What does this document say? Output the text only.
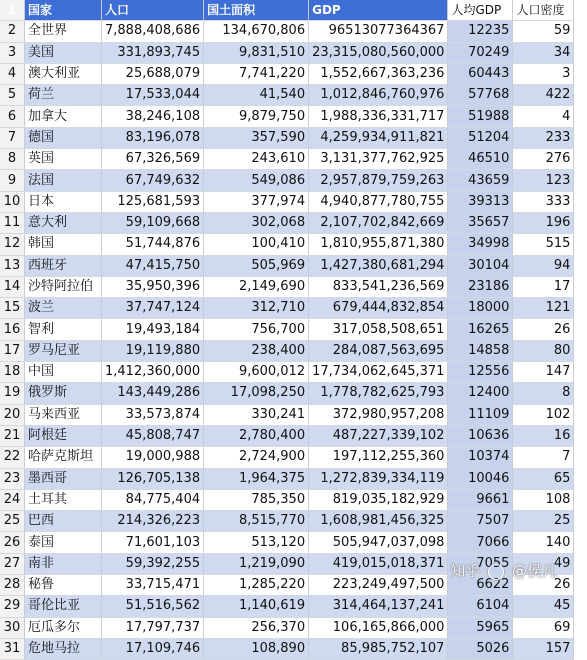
1	国家	人口	国土面积	GDP	人均GDP	人口密度
2	全世界	7,888,408,686	134,670,806	96513077364367	12235	59
3	美国	331,893,745	9,831,510	23,315,080,560,000	70249	34
4	澳大利亚	25,688,079	7,741,220	1,552,667,363,236	60443	3
5	荷兰	17,533,044	41,540	1,012,846,760,976	57768	422
6	加拿大	38,246,108	9,879,750	1,988,336,331,717	51988	4
7	德国	83,196,078	357,590	4,259,934,911,821	51204	233
8	英国	67,326,569	243,610	3,131,377,762,925	46510	276
9	法国	67,749,632	549,086	2,957,879,759,263	43659	123
10	日本	125,681,593	377,974	4,940,877,780,755	39313	333
11	意大利	59,109,668	302,068	2,107,702,842,669	35657	196
12	韩国	51,744,876	100,410	1,810,955,871,380	34998	515
13	西班牙	47,415,750	505,969	1,427,380,681,294	30104	94
14	沙特阿拉伯	35,950,396	2,149,690	833,541,236,569	23186	17
15	波兰	37,747,124	312,710	679,444,832,854	18000	121
16	智利	19,493,184	756,700	317,058,508,651	16265	26
17	罗马尼亚	19,119,880	238,400	284,087,563,695	14858	80
18	中国	1,412,360,000	9,600,012	17,734,062,645,371	12556	147
19	俄罗斯	143,449,286	17,098,250	1,778,782,625,793	12400	8
20	马来西亚	33,573,874	330,241	372,980,957,208	11109	102
21	阿根廷	45,808,747	2,780,400	487,227,339,102	10636	16
22	哈萨克斯坦	19,000,988	2,724,900	197,112,255,360	10374	7
23	墨西哥	126,705,138	1,964,375	1,272,839,334,119	10046	65
24	土耳其	84,775,404	785,350	819,035,182,929	9661	108
25	巴西	214,326,223	8,515,770	1,608,981,456,325	7507	25
26	泰国	71,601,103	513,120	505,947,037,098	7066	140
27	南非	59,392,255	1,219,090	419,015,018,371	7055	49
28	秘鲁	33,715,471	1,285,220	223,249,497,500	6622	26
29	哥伦比亚	51,516,562	1,140,619	314,464,137,241	6104	45
30	厄瓜多尔	17,797,737	256,370	106,165,866,000	5965	69
31	危地马拉	17,109,746	108,890	85,985,752,107	5026	157
知乎 @侯凡
